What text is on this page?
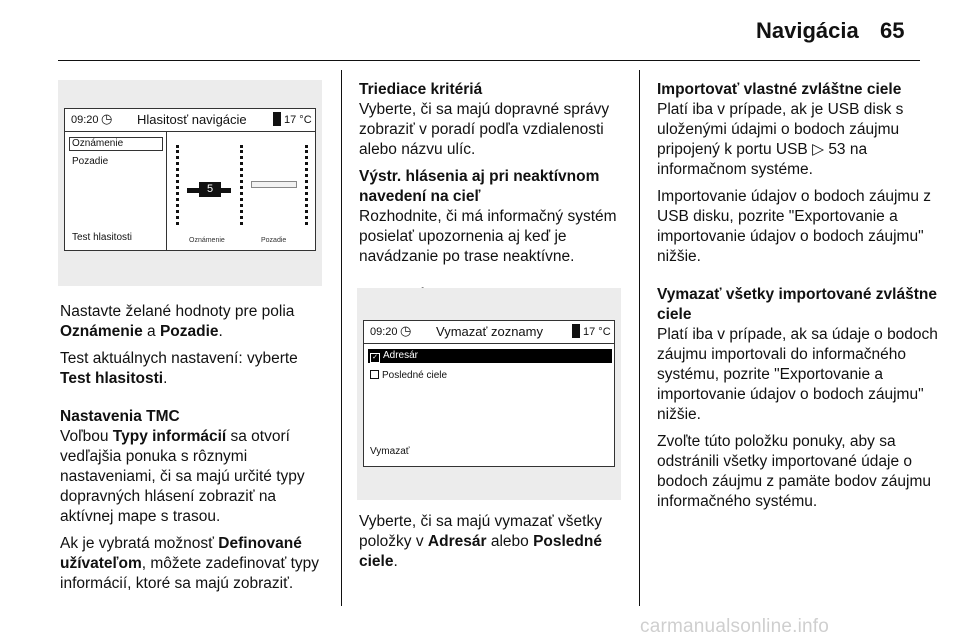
Navigácia 65
09:20 ◷ Hlasitosť navigácie	17 °C
Oznámenie
Pozadie
Test hlasitosti
5
Oznámenie	Pozadie

Nastavte želané hodnoty pre polia Oznámenie a Pozadie.

Test aktuálnych nastavení: vyberte Test hlasitosti.

Nastavenia TMC

Voľbou Typy informácií sa otvorí vedľajšia ponuka s rôznymi nastaveniami, či sa majú určité typy dopravných hlásení zobraziť na aktívnej mape s trasou.

Ak je vybratá možnosť Definované užívateľom, môžete zadefinovať typy informácií, ktoré sa majú zobraziť.

Triediace kritériá

Vyberte, či sa majú dopravné správy zobraziť v poradí podľa vzdialenosti alebo názvu ulíc.

Výstr. hlásenia aj pri neaktívnom navedení na cieľ

Rozhodnite, či má informačný systém posielať upozornenia aj keď je navádzanie po trase neaktívne.

09:20 ◷ Vymazať zoznamy	17 °C
✓ Adresár
Posledné ciele
Vymazať

Vyberte, či sa majú vymazať všetky položky v Adresár alebo Posledné ciele.

Importovať vlastné zvláštne ciele

Platí iba v prípade, ak je USB disk s uloženými údajmi o bodoch záujmu pripojený k portu USB ▷ 53 na informačnom systéme.

Importovanie údajov o bodoch záujmu z USB disku, pozrite "Exportovanie a importovanie údajov o bodoch záujmu" nižšie.

Vymazať všetky importované zvláštne ciele

Platí iba v prípade, ak sa údaje o bodoch záujmu importovali do informačného systému, pozrite "Exportovanie a importovanie údajov o bodoch záujmu" nižšie.

Zvoľte túto položku ponuky, aby sa odstránili všetky importované údaje o bodoch záujmu z pamäte bodov záujmu informačného systému.

carmanualsonline.info
